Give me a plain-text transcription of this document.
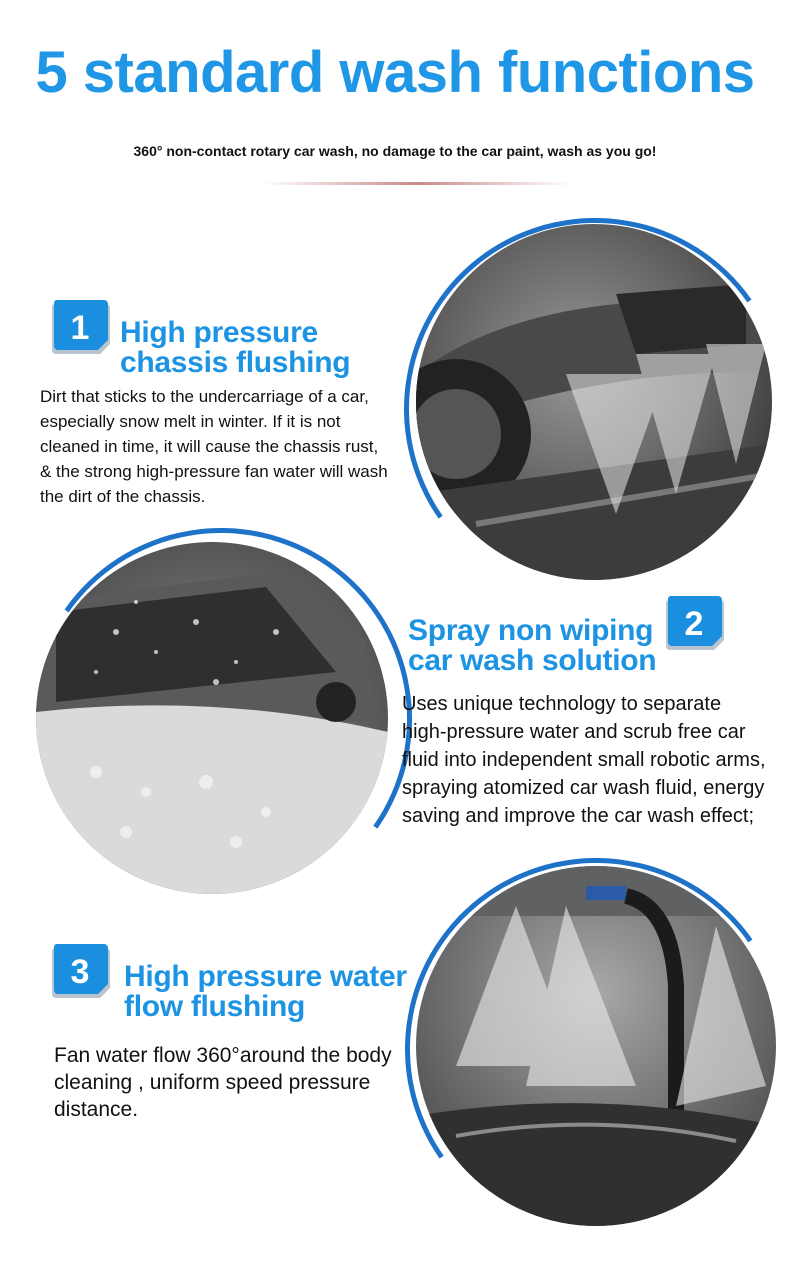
5 standard wash functions
360° non-contact rotary car wash, no damage to the car paint, wash as you go!
1	High pressure
chassis flushing
Dirt that sticks to the undercarriage of a car,
especially snow melt in winter. If it is not
cleaned in time, it will cause the chassis rust,
& the strong high-pressure fan water will wash
the dirt of the chassis.
2
Spray non wiping
car wash solution
Uses unique technology to separate
high-pressure water and scrub free car
fluid into independent small robotic arms,
spraying atomized car wash fluid, energy
saving and improve the car wash effect;
3	High pressure water
flow flushing
Fan water flow 360°around the body
cleaning , uniform speed pressure
distance.
